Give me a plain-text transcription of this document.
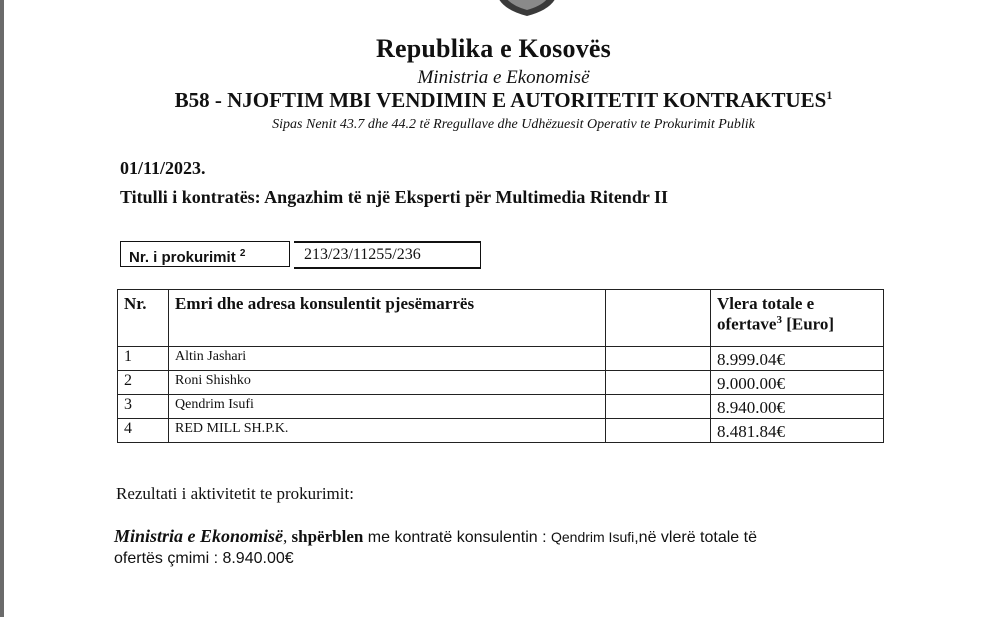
Republika e Kosovës
Ministria e Ekonomisë
B58 - NJOFTIM MBI VENDIMIN E AUTORITETIT KONTRAKTUES$^1$
Sipas Nenit 43.7 dhe 44.2 të Rregullave dhe Udhëzuesit Operativ te Prokurimit Publik
01/11/2023.
Titulli i kontratës: Angazhim të një Eksperti për Multimedia Ritendr II
Nr. i prokurimit $^2$	213/23/11255/236
Nr.	Emri dhe adresa konsulentit pjesëmarrës		Vlera totale e
ofertave$^3$ [Euro]
1	Altin Jashari		8.999.04€
2	Roni Shishko		9.000.00€
3	Qendrim Isufi		8.940.00€
4	RED MILL SH.P.K.		8.481.84€
Rezultati i aktivitetit te prokurimit:
Ministria e Ekonomisë, shpërblen me kontratë konsulentin : Qendrim Isufi,në vlerë totale të
ofertës çmimi : 8.940.00€
